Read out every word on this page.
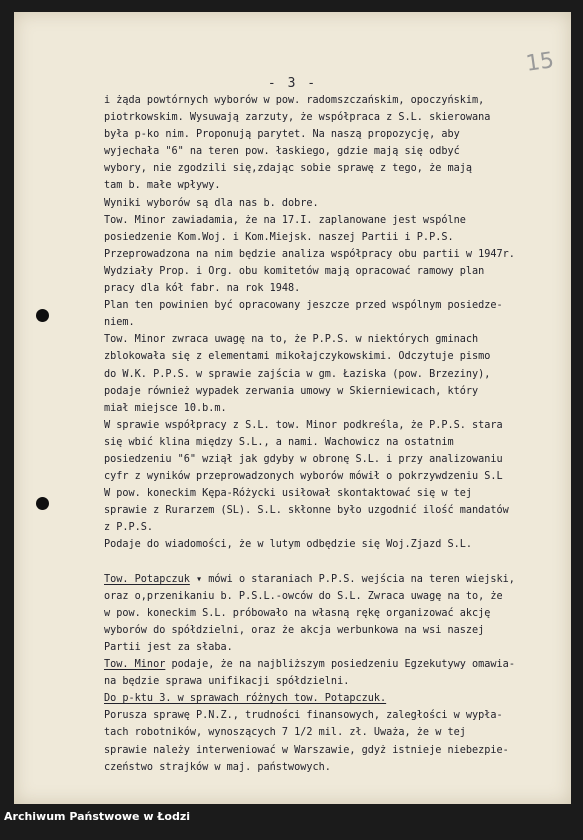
15
- 3 -
i żąda powtórnych wyborów w pow. radomszczańskim, opoczyńskim,
piotrkowskim. Wysuwają zarzuty, że współpraca z S.L. skierowana
była p-ko nim. Proponują parytet. Na naszą propozycję, aby
wyjechała "6" na teren pow. łaskiego, gdzie mają się odbyć
wybory, nie zgodzili się,zdając sobie sprawę z tego, że mają
tam b. małe wpływy.
Wyniki wyborów są dla nas b. dobre.
Tow. Minor zawiadamia, że na 17.I. zaplanowane jest wspólne
posiedzenie Kom.Woj. i Kom.Miejsk. naszej Partii i P.P.S.
Przeprowadzona na nim będzie analiza współpracy obu partii w 1947r.
Wydziały Prop. i Org. obu komitetów mają opracować ramowy plan
pracy dla kół fabr. na rok 1948.
Plan ten powinien być opracowany jeszcze przed wspólnym posiedze-
niem.
Tow. Minor zwraca uwagę na to, że P.P.S. w niektórych gminach
zblokowała się z elementami mikołajczykowskimi. Odczytuje pismo
do W.K. P.P.S. w sprawie zajścia w gm. Łaziska (pow. Brzeziny),
podaje również wypadek zerwania umowy w Skierniewicach, który
miał miejsce 10.b.m.
W sprawie współpracy z S.L. tow. Minor podkreśla, że P.P.S. stara
się wbić klina między S.L., a nami. Wachowicz na ostatnim
posiedzeniu "6" wziął jak gdyby w obronę S.L. i przy analizowaniu
cyfr z wyników przeprowadzonych wyborów mówił o pokrzywdzeniu S.L
W pow. koneckim Kępa-Różycki usiłował skontaktować się w tej
sprawie z Rurarzem (SL). S.L. skłonne było uzgodnić ilość mandatów
z P.P.S.
Podaje do wiadomości, że w lutym odbędzie się Woj.Zjazd S.L.
Tow. Potapczuk ▾ mówi o staraniach P.P.S. wejścia na teren wiejski,
oraz o,przenikaniu b. P.S.L.-owców do S.L. Zwraca uwagę na to, że
w pow. koneckim S.L. próbowało na własną rękę organizować akcję
wyborów do spółdzielni, oraz że akcja werbunkowa na wsi naszej
Partii jest za słaba.
Tow. Minor podaje, że na najbliższym posiedzeniu Egzekutywy omawia-
na będzie sprawa unifikacji spółdzielni.
Do p-ktu 3. w sprawach różnych tow. Potapczuk.
Porusza sprawę P.N.Z., trudności finansowych, zaległości w wypła-
tach robotników, wynoszących 7 1/2 mil. zł. Uważa, że w tej
sprawie należy interweniować w Warszawie, gdyż istnieje niebezpie-
czeństwo strajków w maj. państwowych.
Archiwum Państwowe w Łodzi
